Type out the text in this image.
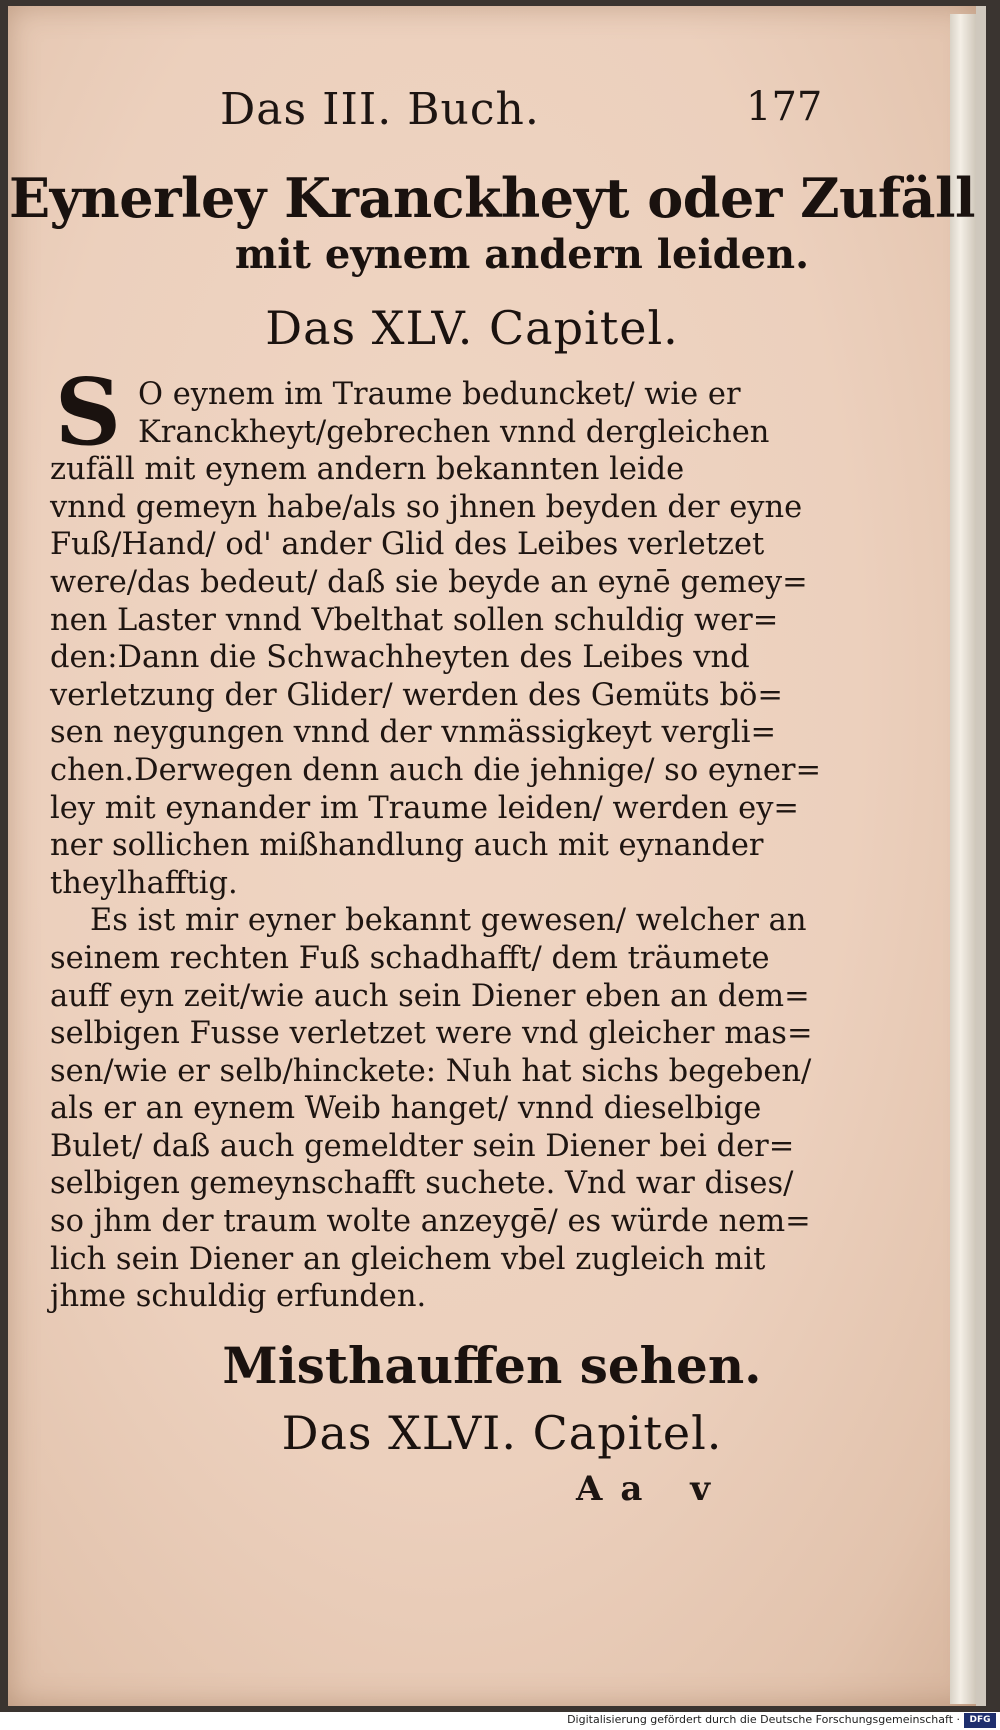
Das III. Buch.	177
Eynerley Kranckheyt oder Zufäll
mit eynem andern leiden.
Das XLV. Capitel.
S O eynem im Traume beduncket/ wie er
Kranckheyt/gebrechen vnnd dergleichen
zufäll mit eynem andern bekannten leide
vnnd gemeyn habe/als so jhnen beyden der eyne
Fuß/Hand/ od' ander Glid des Leibes verletzet
were/das bedeut/ daß sie beyde an eynē gemey=
nen Laster vnnd Vbelthat sollen schuldig wer=
den:Dann die Schwachheyten des Leibes vnd
verletzung der Glider/ werden des Gemüts bö=
sen neygungen vnnd der vnmässigkeyt vergli=
chen.Derwegen denn auch die jehnige/ so eyner=
ley mit eynander im Traume leiden/ werden ey=
ner sollichen mißhandlung auch mit eynander
theylhafftig.
Es ist mir eyner bekannt gewesen/ welcher an
seinem rechten Fuß schadhafft/ dem träumete
auff eyn zeit/wie auch sein Diener eben an dem=
selbigen Fusse verletzet were vnd gleicher mas=
sen/wie er selb/hinckete: Nuh hat sichs begeben/
als er an eynem Weib hanget/ vnnd dieselbige
Bulet/ daß auch gemeldter sein Diener bei der=
selbigen gemeynschafft suchete. Vnd war dises/
so jhm der traum wolte anzeygē/ es würde nem=
lich sein Diener an gleichem vbel zugleich mit
jhme schuldig erfunden.
Misthauffen sehen.
Das XLVI. Capitel.
Aa v
Digitalisierung gefördert durch die Deutsche Forschungsgemeinschaft ·	DFG
